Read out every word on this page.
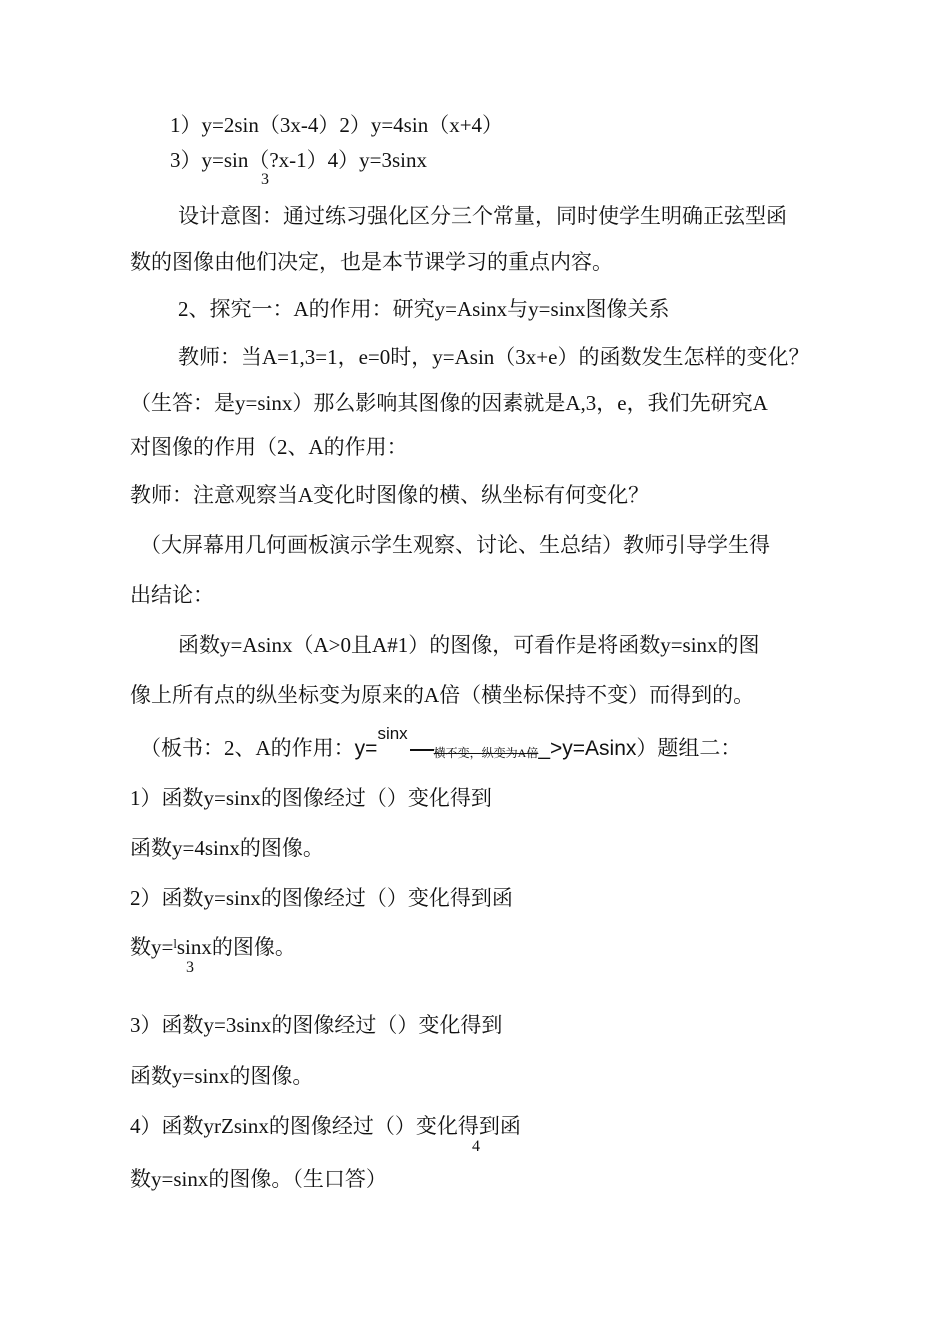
1）y=2sin（3x-4）2）y=4sin（x+4）
3）y=sin（?x-1）4）y=3sinx
3
设计意图：通过练习强化区分三个常量，同时使学生明确正弦型函
数的图像由他们决定，也是本节课学习的重点内容。
2、探究一：A的作用：研究y=Asinx与y=sinx图像关系
教师：当A=1,3=1，e=0时，y=Asin（3x+e）的函数发生怎样的变化？
（生答：是y=sinx）那么影响其图像的因素就是A,3，e，我们先研究A
对图像的作用（2、A的作用：
教师：注意观察当A变化时图像的横、纵坐标有何变化？
（大屏幕用几何画板演示学生观察、讨论、生总结）教师引导学生得
出结论：
函数y=Asinx（A>0且A#1）的图像，可看作是将函数y=sinx的图
像上所有点的纵坐标变为原来的A倍（横坐标保持不变）而得到的。
（板书：2、A的作用：y=$^{sinx}$横不变，纵变为A倍_>y=Asinx）题组二：
1）函数y=sinx的图像经过（）变化得到
函数y=4sinx的图像。
2）函数y=sinx的图像经过（）变化得到函
数y=ˡsinx的图像。
3
3）函数y=3sinx的图像经过（）变化得到
函数y=sinx的图像。
4）函数yrZsinx的图像经过（）变化得到函
4
数y=sinx的图像。（生口答）
